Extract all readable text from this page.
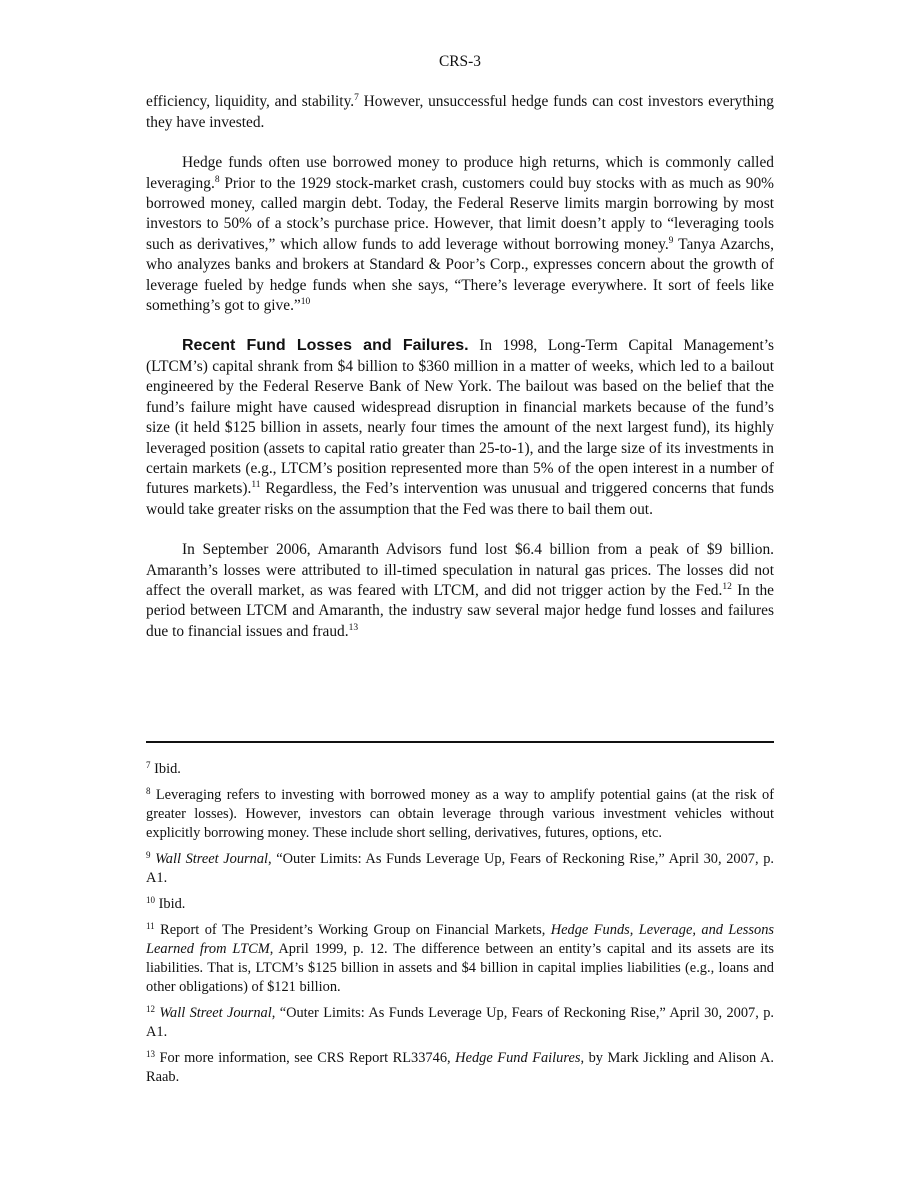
CRS-3

efficiency, liquidity, and stability.$^7$ However, unsuccessful hedge funds can cost investors everything they have invested.

Hedge funds often use borrowed money to produce high returns, which is commonly called leveraging.$^8$ Prior to the 1929 stock-market crash, customers could buy stocks with as much as 90% borrowed money, called margin debt. Today, the Federal Reserve limits margin borrowing by most investors to 50% of a stock’s purchase price. However, that limit doesn’t apply to “leveraging tools such as derivatives,” which allow funds to add leverage without borrowing money.$^9$ Tanya Azarchs, who analyzes banks and brokers at Standard & Poor’s Corp., expresses concern about the growth of leverage fueled by hedge funds when she says, “There’s leverage everywhere. It sort of feels like something’s got to give.”$^{10}$

Recent Fund Losses and Failures. In 1998, Long-Term Capital Management’s (LTCM’s) capital shrank from $4 billion to $360 million in a matter of weeks, which led to a bailout engineered by the Federal Reserve Bank of New York. The bailout was based on the belief that the fund’s failure might have caused widespread disruption in financial markets because of the fund’s size (it held $125 billion in assets, nearly four times the amount of the next largest fund), its highly leveraged position (assets to capital ratio greater than 25-to-1), and the large size of its investments in certain markets (e.g., LTCM’s position represented more than 5% of the open interest in a number of futures markets).$^{11}$ Regardless, the Fed’s intervention was unusual and triggered concerns that funds would take greater risks on the assumption that the Fed was there to bail them out.

In September 2006, Amaranth Advisors fund lost $6.4 billion from a peak of $9 billion. Amaranth’s losses were attributed to ill-timed speculation in natural gas prices. The losses did not affect the overall market, as was feared with LTCM, and did not trigger action by the Fed.$^{12}$ In the period between LTCM and Amaranth, the industry saw several major hedge fund losses and failures due to financial issues and fraud.$^{13}$

$^7$ Ibid.

$^8$ Leveraging refers to investing with borrowed money as a way to amplify potential gains (at the risk of greater losses). However, investors can obtain leverage through various investment vehicles without explicitly borrowing money. These include short selling, derivatives, futures, options, etc.

$^9$ Wall Street Journal, “Outer Limits: As Funds Leverage Up, Fears of Reckoning Rise,” April 30, 2007, p. A1.

$^{10}$ Ibid.

$^{11}$ Report of The President’s Working Group on Financial Markets, Hedge Funds, Leverage, and Lessons Learned from LTCM, April 1999, p. 12. The difference between an entity’s capital and its assets are its liabilities. That is, LTCM’s $125 billion in assets and $4 billion in capital implies liabilities (e.g., loans and other obligations) of $121 billion.

$^{12}$ Wall Street Journal, “Outer Limits: As Funds Leverage Up, Fears of Reckoning Rise,” April 30, 2007, p. A1.

$^{13}$ For more information, see CRS Report RL33746, Hedge Fund Failures, by Mark Jickling and Alison A. Raab.
